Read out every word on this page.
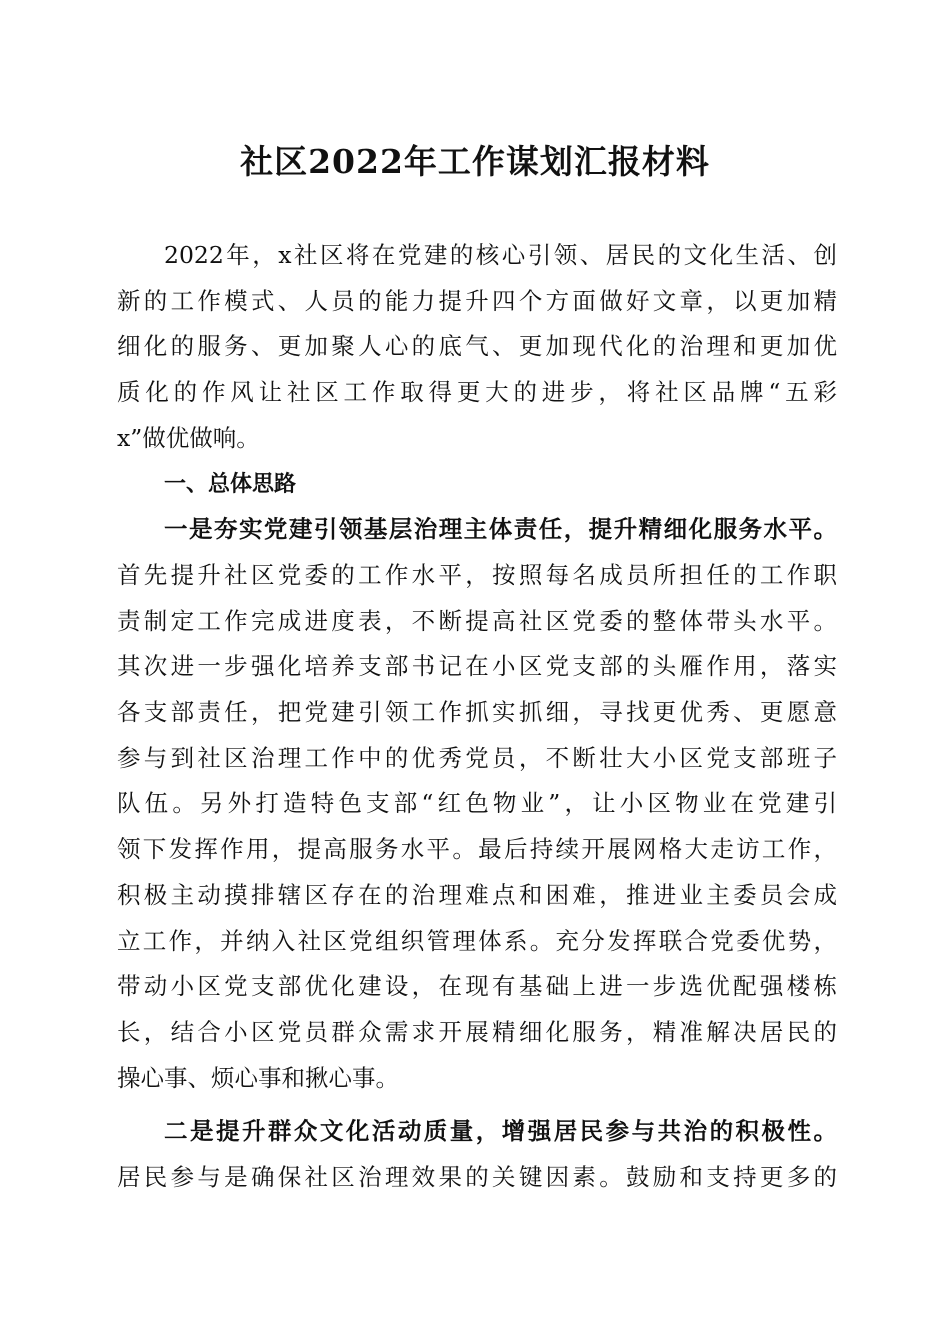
社区2022年工作谋划汇报材料
2022年，x社区将在党建的核心引领、居民的文化生活、创
新的工作模式、人员的能力提升四个方面做好文章，以更加精
细化的服务、更加聚人心的底气、更加现代化的治理和更加优
质化的作风让社区工作取得更大的进步，将社区品牌“五彩
x”做优做响。
一、总体思路
一是夯实党建引领基层治理主体责任，提升精细化服务水平。
首先提升社区党委的工作水平，按照每名成员所担任的工作职
责制定工作完成进度表，不断提高社区党委的整体带头水平。
其次进一步强化培养支部书记在小区党支部的头雁作用，落实
各支部责任，把党建引领工作抓实抓细，寻找更优秀、更愿意
参与到社区治理工作中的优秀党员，不断壮大小区党支部班子
队伍。另外打造特色支部“红色物业”，让小区物业在党建引
领下发挥作用，提高服务水平。最后持续开展网格大走访工作，
积极主动摸排辖区存在的治理难点和困难，推进业主委员会成
立工作，并纳入社区党组织管理体系。充分发挥联合党委优势，
带动小区党支部优化建设，在现有基础上进一步选优配强楼栋
长，结合小区党员群众需求开展精细化服务，精准解决居民的
操心事、烦心事和揪心事。
二是提升群众文化活动质量，增强居民参与共治的积极性。
居民参与是确保社区治理效果的关键因素。鼓励和支持更多的
